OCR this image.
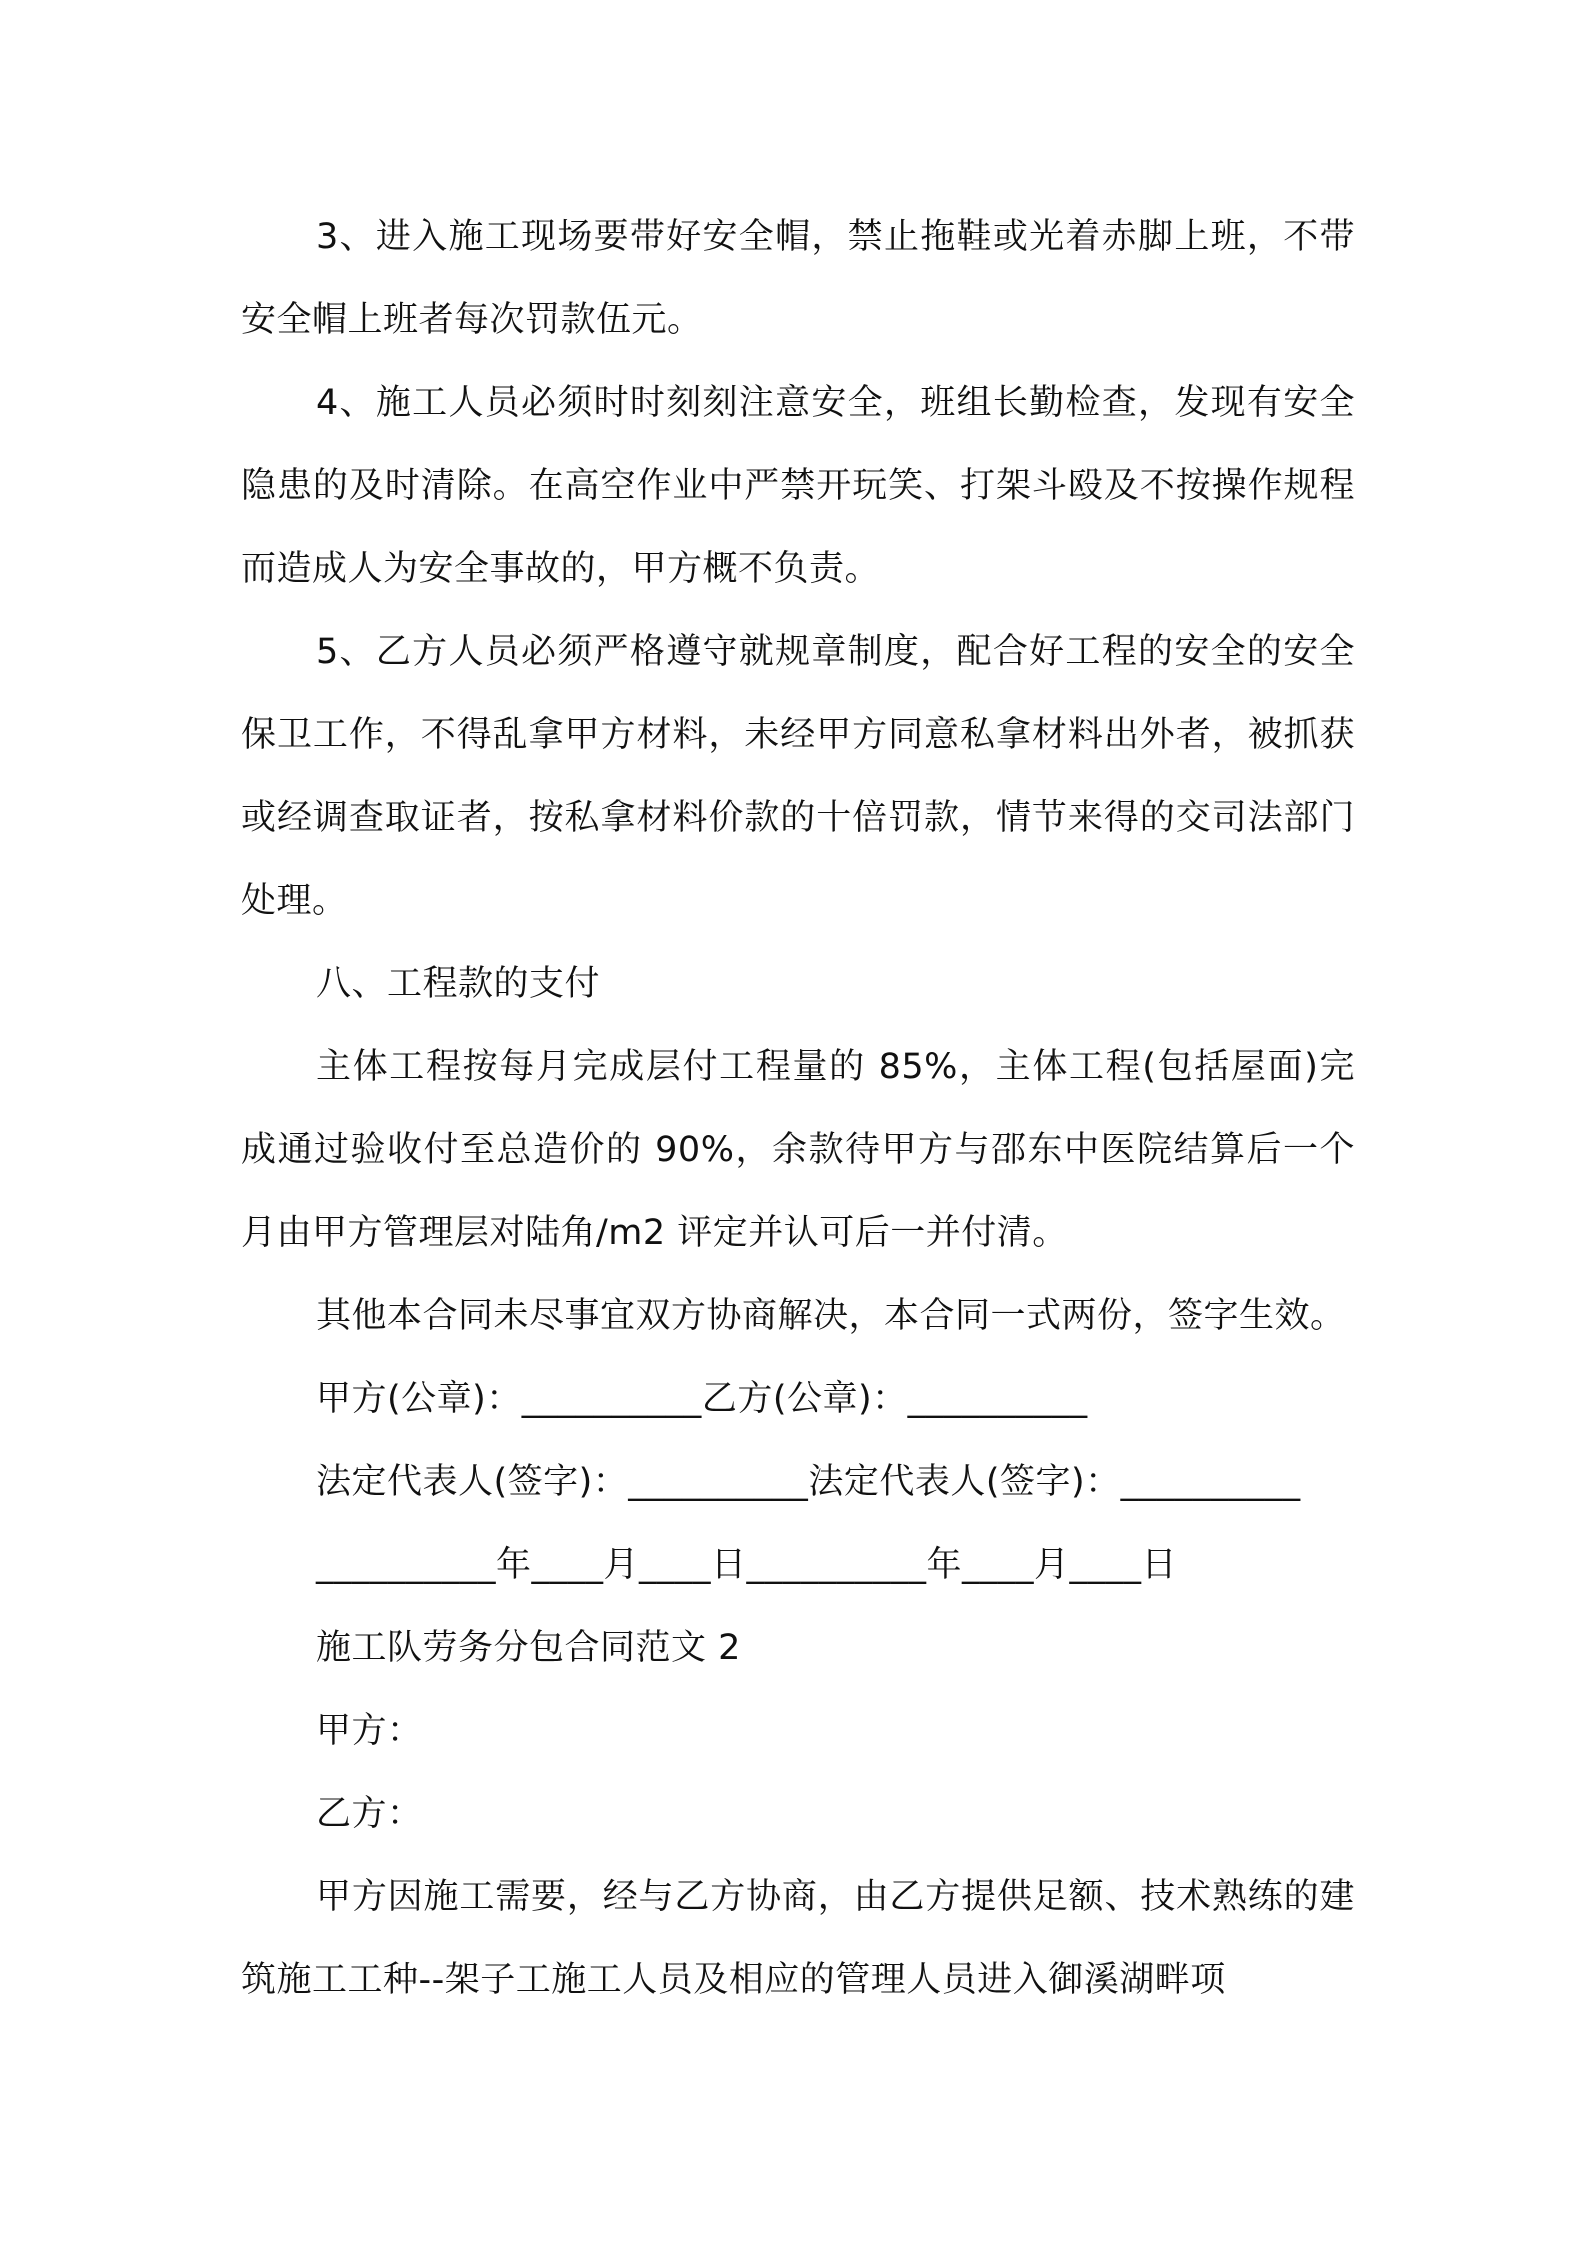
3、进入施工现场要带好安全帽，禁止拖鞋或光着赤脚上班，不带安全帽上班者每次罚款伍元。

4、施工人员必须时时刻刻注意安全，班组长勤检查，发现有安全隐患的及时清除。在高空作业中严禁开玩笑、打架斗殴及不按操作规程而造成人为安全事故的，甲方概不负责。

5、乙方人员必须严格遵守就规章制度，配合好工程的安全的安全保卫工作，不得乱拿甲方材料，未经甲方同意私拿材料出外者，被抓获或经调查取证者，按私拿材料价款的十倍罚款，情节来得的交司法部门处理。

八、工程款的支付

主体工程按每月完成层付工程量的 85%，主体工程(包括屋面)完成通过验收付至总造价的 90%，余款待甲方与邵东中医院结算后一个月由甲方管理层对陆角/m2 评定并认可后一并付清。

其他本合同未尽事宜双方协商解决，本合同一式两份，签字生效。

甲方(公章)：__________乙方(公章)：__________

法定代表人(签字)：__________法定代表人(签字)：__________

__________年____月____日__________年____月____日

施工队劳务分包合同范文 2

甲方：

乙方：

甲方因施工需要，经与乙方协商，由乙方提供足额、技术熟练的建筑施工工种--架子工施工人员及相应的管理人员进入御溪湖畔项
